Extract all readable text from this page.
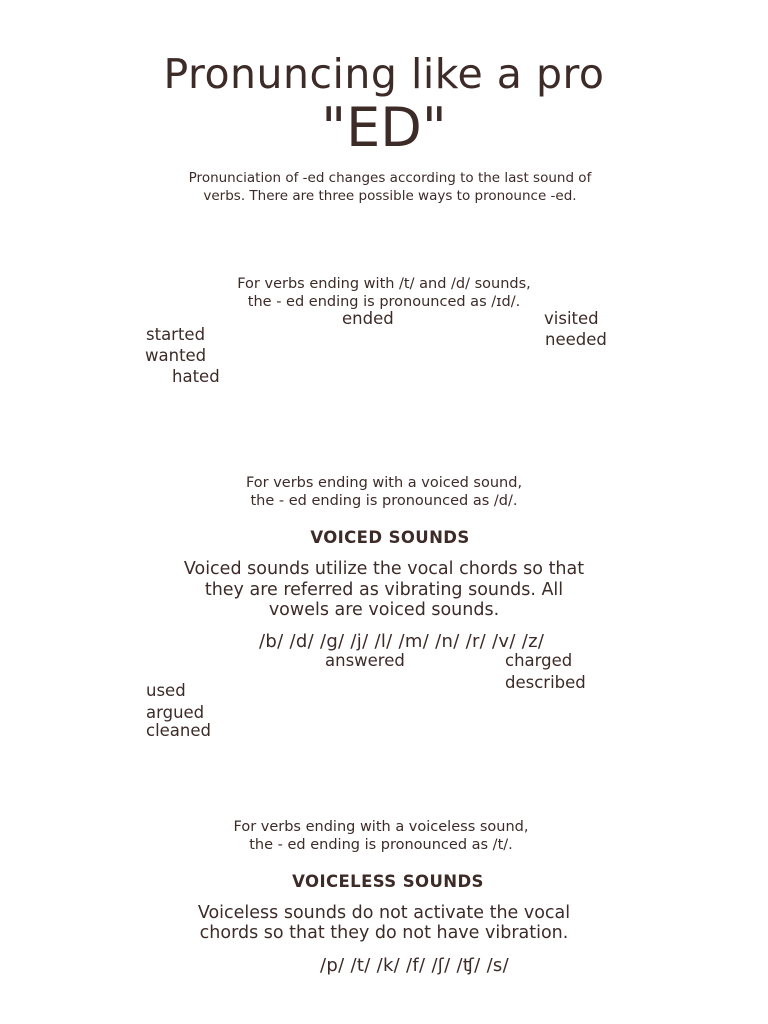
Pronuncing like a pro
"ED"
Pronunciation of -ed changes according to the last sound of
verbs. There are three possible ways to pronounce -ed.
For verbs ending with /t/ and /d/ sounds,
the - ed ending is pronounced as /ɪd/.
ended	visited
started	needed
wanted
hated
For verbs ending with a voiced sound,
the - ed ending is pronounced as /d/.
VOICED SOUNDS
Voiced sounds utilize the vocal chords so that
they are referred as vibrating sounds. All
vowels are voiced sounds.
/b/ /d/ /g/ /j/ /l/ /m/ /n/ /r/ /v/ /z/
answered	charged
described
used
argued
cleaned
For verbs ending with a voiceless sound,
the - ed ending is pronounced as /t/.
VOICELESS SOUNDS
Voiceless sounds do not activate the vocal
chords so that they do not have vibration.
/p/ /t/ /k/ /f/ /ʃ/ /ʧ/ /s/
